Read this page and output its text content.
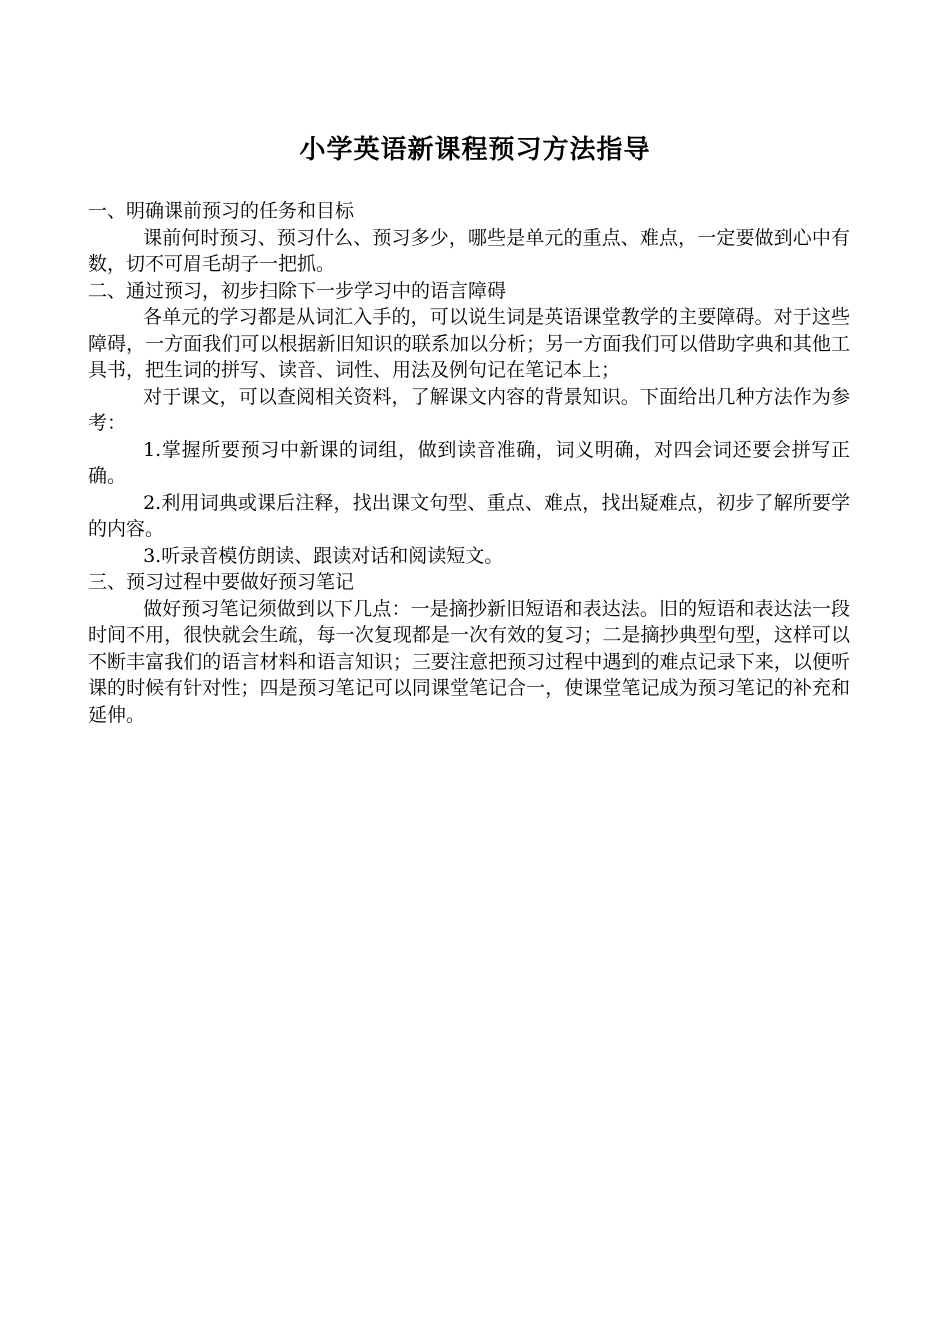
小学英语新课程预习方法指导

一、明确课前预习的任务和目标

课前何时预习、预习什么、预习多少，哪些是单元的重点、难点，一定要做到心中有数，切不可眉毛胡子一把抓。

二、通过预习，初步扫除下一步学习中的语言障碍

各单元的学习都是从词汇入手的，可以说生词是英语课堂教学的主要障碍。对于这些障碍，一方面我们可以根据新旧知识的联系加以分析；另一方面我们可以借助字典和其他工具书，把生词的拼写、读音、词性、用法及例句记在笔记本上；

对于课文，可以查阅相关资料，了解课文内容的背景知识。下面给出几种方法作为参考：

1.掌握所要预习中新课的词组，做到读音准确，词义明确，对四会词还要会拼写正确。

2.利用词典或课后注释，找出课文句型、重点、难点，找出疑难点，初步了解所要学的内容。

3.听录音模仿朗读、跟读对话和阅读短文。

三、预习过程中要做好预习笔记

做好预习笔记须做到以下几点：一是摘抄新旧短语和表达法。旧的短语和表达法一段时间不用，很快就会生疏，每一次复现都是一次有效的复习；二是摘抄典型句型，这样可以不断丰富我们的语言材料和语言知识；三要注意把预习过程中遇到的难点记录下来，以便听课的时候有针对性；四是预习笔记可以同课堂笔记合一，使课堂笔记成为预习笔记的补充和延伸。
